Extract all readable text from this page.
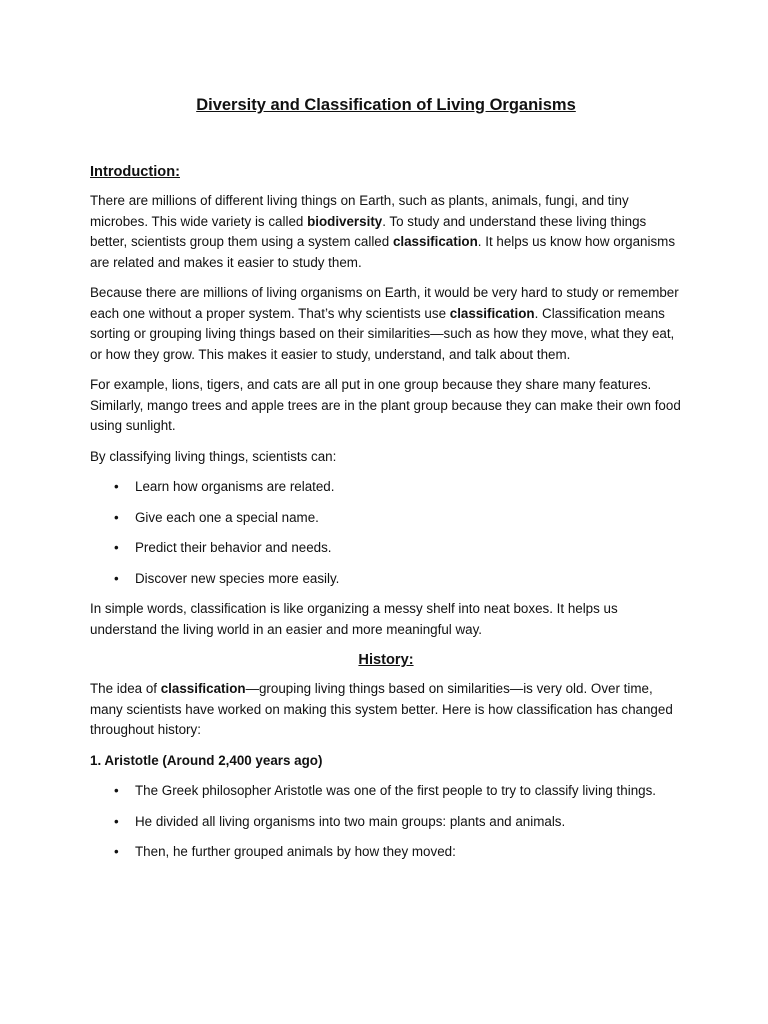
Diversity and Classification of Living Organisms
Introduction:

There are millions of different living things on Earth, such as plants, animals, fungi, and tiny microbes. This wide variety is called biodiversity. To study and understand these living things better, scientists group them using a system called classification. It helps us know how organisms are related and makes it easier to study them.

Because there are millions of living organisms on Earth, it would be very hard to study or remember each one without a proper system. That’s why scientists use classification. Classification means sorting or grouping living things based on their similarities—such as how they move, what they eat, or how they grow. This makes it easier to study, understand, and talk about them.

For example, lions, tigers, and cats are all put in one group because they share many features. Similarly, mango trees and apple trees are in the plant group because they can make their own food using sunlight.

By classifying living things, scientists can:

• Learn how organisms are related.
• Give each one a special name.
• Predict their behavior and needs.
• Discover new species more easily.

In simple words, classification is like organizing a messy shelf into neat boxes. It helps us understand the living world in an easier and more meaningful way.

History:

The idea of classification—grouping living things based on similarities—is very old. Over time, many scientists have worked on making this system better. Here is how classification has changed throughout history:

1. Aristotle (Around 2,400 years ago)
• The Greek philosopher Aristotle was one of the first people to try to classify living things.
• He divided all living organisms into two main groups: plants and animals.
• Then, he further grouped animals by how they moved:
